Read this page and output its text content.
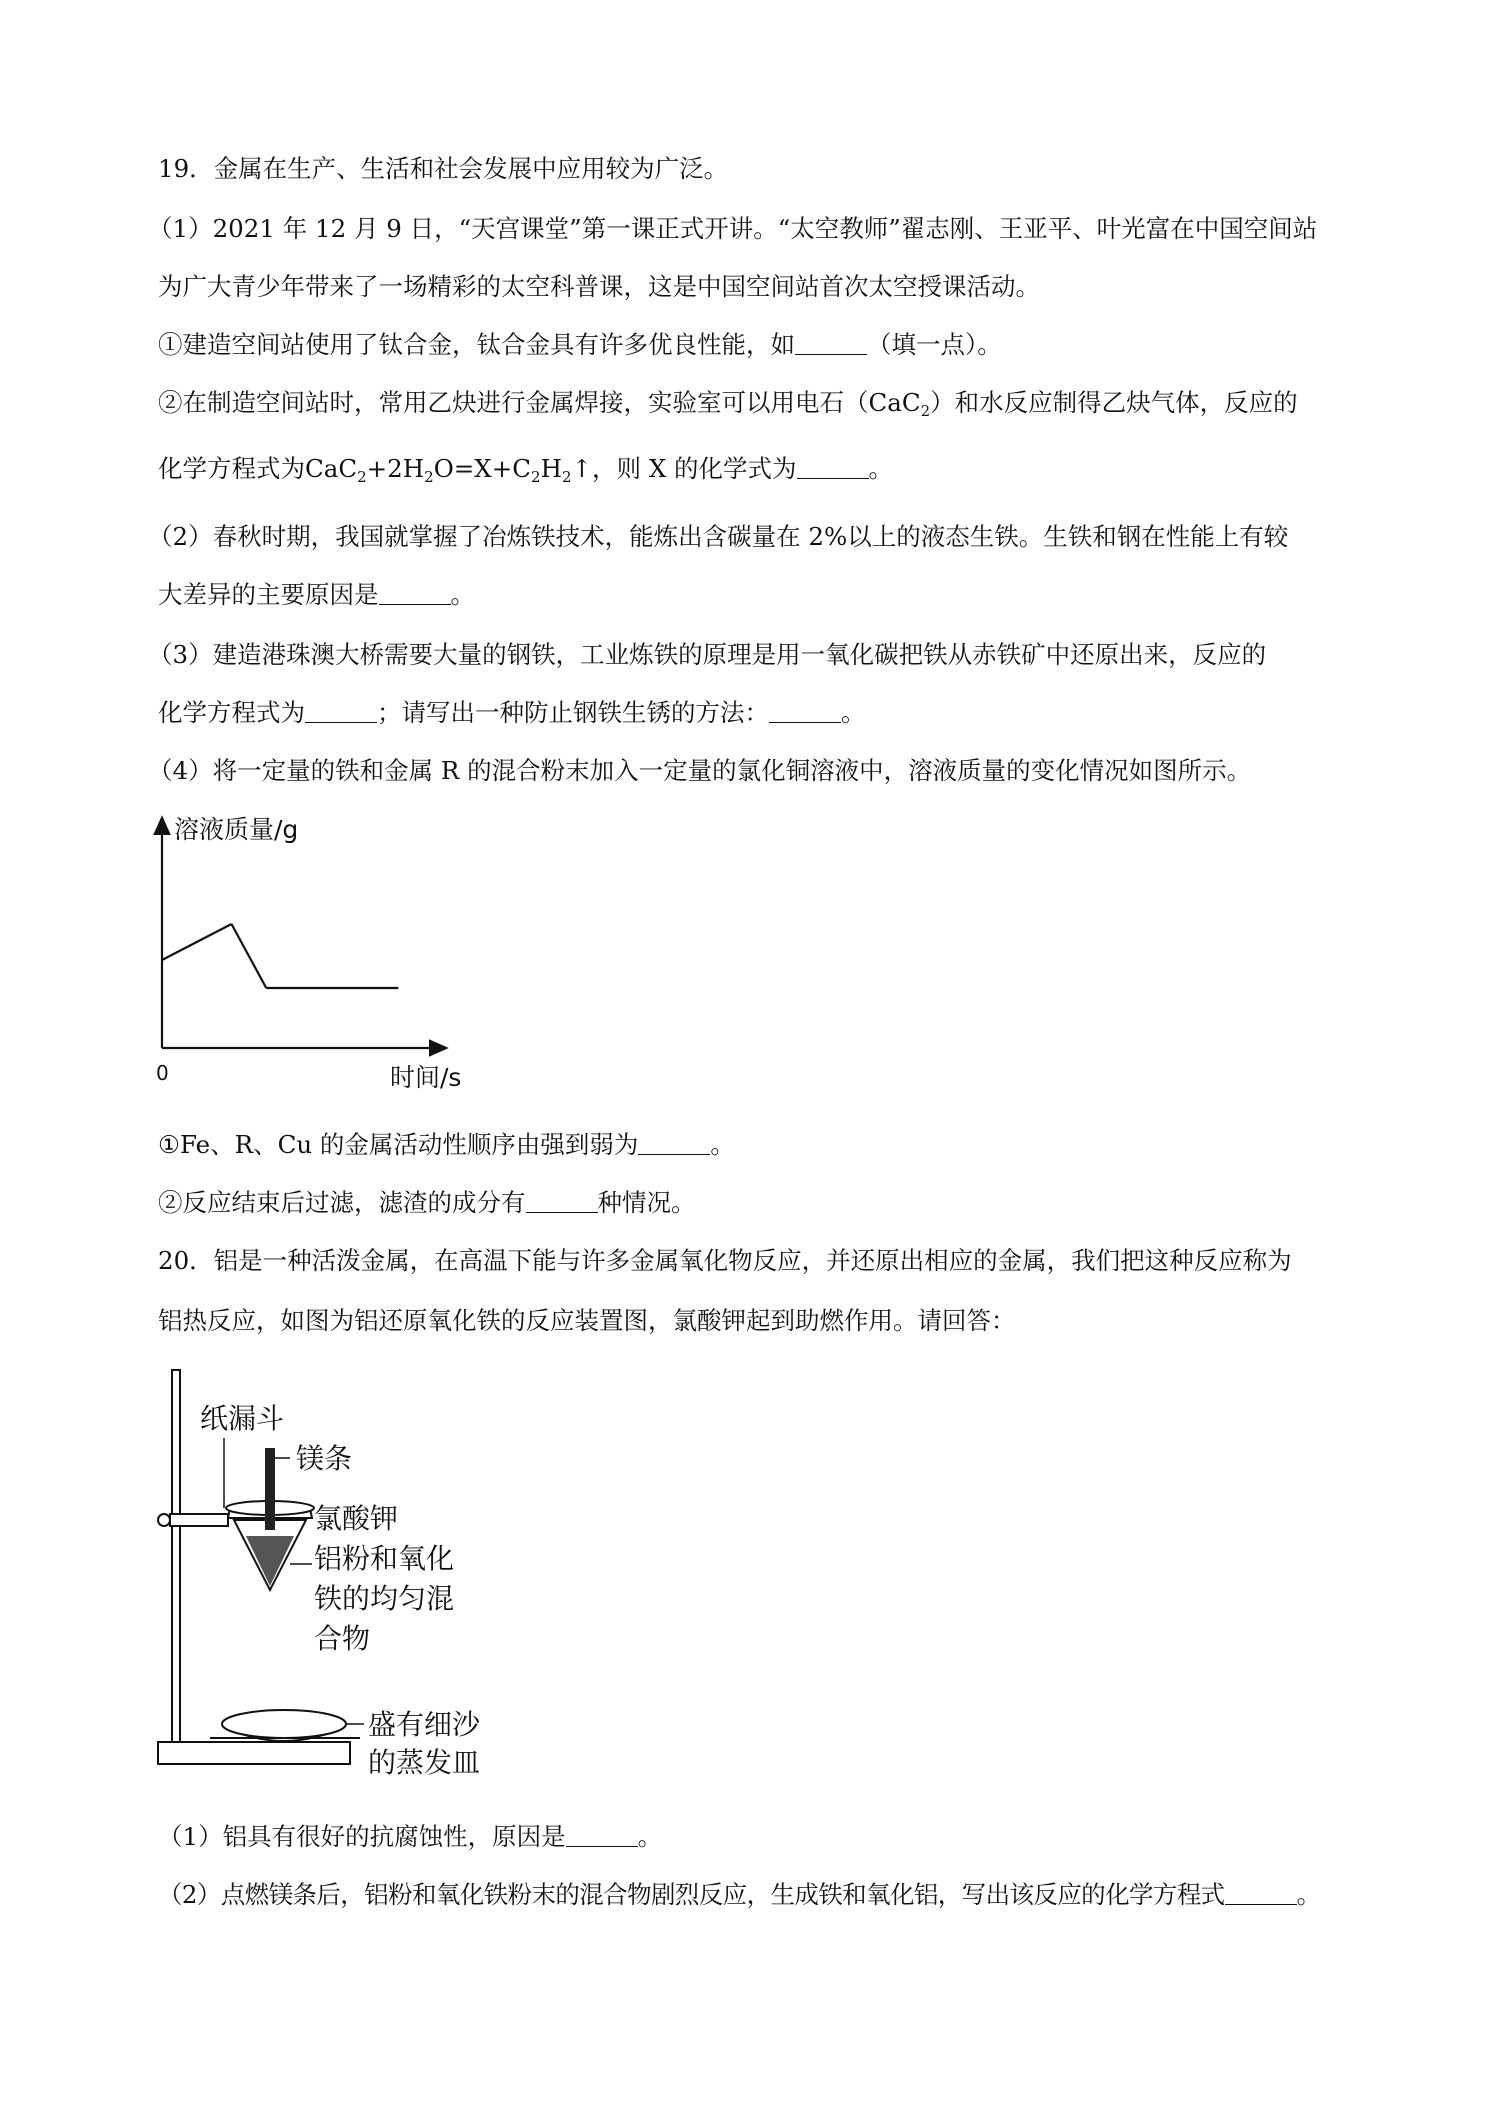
19．金属在生产、生活和社会发展中应用较为广泛。
（1）2021 年 12 月 9 日，“天宫课堂”第一课正式开讲。“太空教师”翟志刚、王亚平、叶光富在中国空间站
为广大青少年带来了一场精彩的太空科普课，这是中国空间站首次太空授课活动。
①建造空间站使用了钛合金，钛合金具有许多优良性能，如	（填一点）。
②在制造空间站时，常用乙炔进行金属焊接，实验室可以用电石（CaC$_2$）和水反应制得乙炔气体，反应的
化学方程式为$CaC_2+2H_2O=X+C_2H_2↑$，则 X 的化学式为	。
（2）春秋时期，我国就掌握了冶炼铁技术，能炼出含碳量在 2%以上的液态生铁。生铁和钢在性能上有较
大差异的主要原因是	。
（3）建造港珠澳大桥需要大量的钢铁，工业炼铁的原理是用一氧化碳把铁从赤铁矿中还原出来，反应的
化学方程式为	；请写出一种防止钢铁生锈的方法：	。
（4）将一定量的铁和金属 R 的混合粉末加入一定量的氯化铜溶液中，溶液质量的变化情况如图所示。
溶液质量/g
时间/s
0
①Fe、R、Cu 的金属活动性顺序由强到弱为	。
②反应结束后过滤，滤渣的成分有	种情况。
20．铝是一种活泼金属，在高温下能与许多金属氧化物反应，并还原出相应的金属，我们把这种反应称为
铝热反应，如图为铝还原氧化铁的反应装置图，氯酸钾起到助燃作用。请回答：
纸漏斗
镁条
氯酸钾
铝粉和氧化
铁的均匀混
合物
盛有细沙
的蒸发皿
（1）铝具有很好的抗腐蚀性，原因是	。
（2）点燃镁条后，铝粉和氧化铁粉末的混合物剧烈反应，生成铁和氧化铝，写出该反应的化学方程式	。
